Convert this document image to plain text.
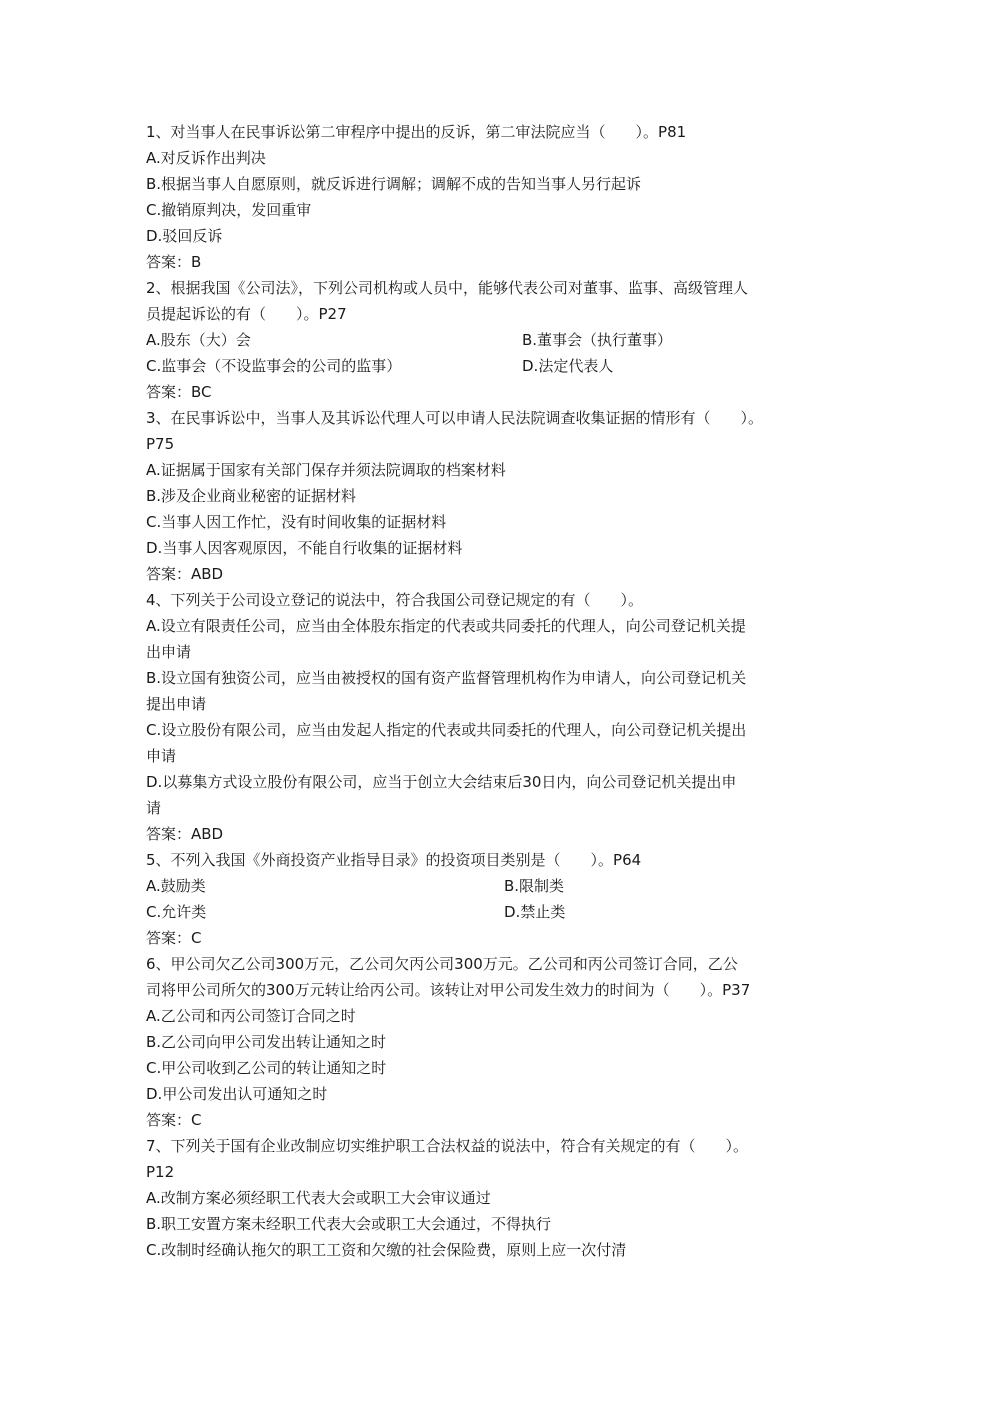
1、对当事人在民事诉讼第二审程序中提出的反诉，第二审法院应当（　　）。P81
A.对反诉作出判决
B.根据当事人自愿原则，就反诉进行调解；调解不成的告知当事人另行起诉
C.撤销原判决，发回重审
D.驳回反诉
答案：B
2、根据我国《公司法》，下列公司机构或人员中，能够代表公司对董事、监事、高级管理人
员提起诉讼的有（　　）。P27
A.股东（大）会	B.董事会（执行董事）
C.监事会（不设监事会的公司的监事）	D.法定代表人
答案：BC
3、在民事诉讼中，当事人及其诉讼代理人可以申请人民法院调查收集证据的情形有（　　）。
P75
A.证据属于国家有关部门保存并须法院调取的档案材料
B.涉及企业商业秘密的证据材料
C.当事人因工作忙，没有时间收集的证据材料
D.当事人因客观原因，不能自行收集的证据材料
答案：ABD
4、下列关于公司设立登记的说法中，符合我国公司登记规定的有（　　）。
A.设立有限责任公司，应当由全体股东指定的代表或共同委托的代理人，向公司登记机关提
出申请
B.设立国有独资公司，应当由被授权的国有资产监督管理机构作为申请人，向公司登记机关
提出申请
C.设立股份有限公司，应当由发起人指定的代表或共同委托的代理人，向公司登记机关提出
申请
D.以募集方式设立股份有限公司，应当于创立大会结束后30日内，向公司登记机关提出申
请
答案：ABD
5、不列入我国《外商投资产业指导目录》的投资项目类别是（　　）。P64
A.鼓励类	B.限制类
C.允许类	D.禁止类
答案：C
6、甲公司欠乙公司300万元，乙公司欠丙公司300万元。乙公司和丙公司签订合同，乙公
司将甲公司所欠的300万元转让给丙公司。该转让对甲公司发生效力的时间为（　　）。P37
A.乙公司和丙公司签订合同之时
B.乙公司向甲公司发出转让通知之时
C.甲公司收到乙公司的转让通知之时
D.甲公司发出认可通知之时
答案：C
7、下列关于国有企业改制应切实维护职工合法权益的说法中，符合有关规定的有（　　）。
P12
A.改制方案必须经职工代表大会或职工大会审议通过
B.职工安置方案未经职工代表大会或职工大会通过，不得执行
C.改制时经确认拖欠的职工工资和欠缴的社会保险费，原则上应一次付清
